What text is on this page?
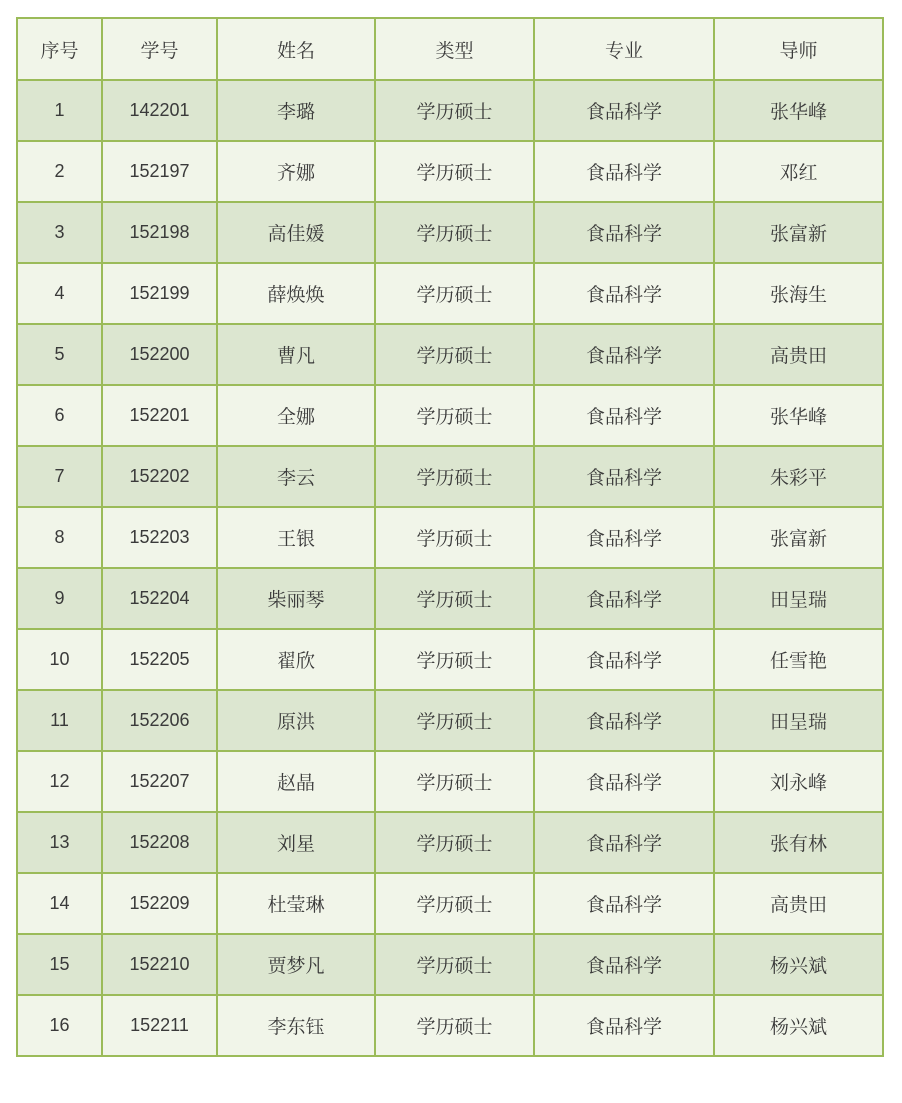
序号	学号	姓名	类型	专业	导师
1	142201	李璐	学历硕士	食品科学	张华峰
2	152197	齐娜	学历硕士	食品科学	邓红
3	152198	高佳媛	学历硕士	食品科学	张富新
4	152199	薛焕焕	学历硕士	食品科学	张海生
5	152200	曹凡	学历硕士	食品科学	高贵田
6	152201	全娜	学历硕士	食品科学	张华峰
7	152202	李云	学历硕士	食品科学	朱彩平
8	152203	王银	学历硕士	食品科学	张富新
9	152204	柴丽琴	学历硕士	食品科学	田呈瑞
10	152205	翟欣	学历硕士	食品科学	任雪艳
11	152206	原洪	学历硕士	食品科学	田呈瑞
12	152207	赵晶	学历硕士	食品科学	刘永峰
13	152208	刘星	学历硕士	食品科学	张有林
14	152209	杜莹琳	学历硕士	食品科学	高贵田
15	152210	贾梦凡	学历硕士	食品科学	杨兴斌
16	152211	李东钰	学历硕士	食品科学	杨兴斌
